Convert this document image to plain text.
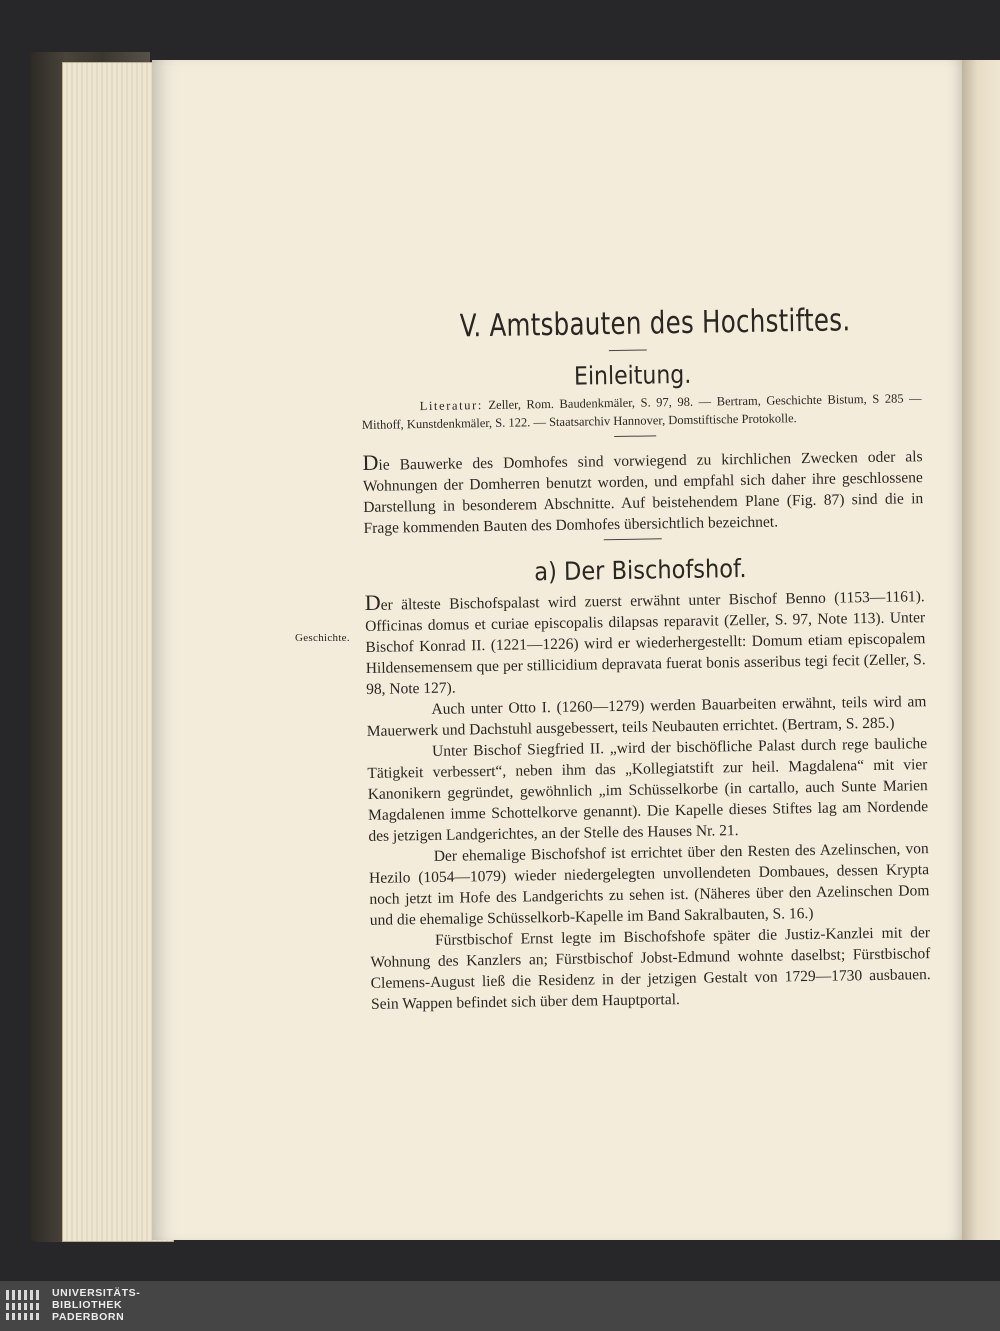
Geschichte.
V. Amtsbauten des Hochstiftes.
Einleitung.
Literatur: Zeller, Rom. Baudenkmäler, S. 97, 98. — Bertram, Geschichte Bistum, S 285 — Mithoff, Kunstdenkmäler, S. 122. — Staatsarchiv Hannover, Domstiftische Protokolle.

Die Bauwerke des Domhofes sind vorwiegend zu kirchlichen Zwecken oder als Wohnungen der Domherren benutzt worden, und empfahl sich daher ihre geschlossene Darstellung in besonderem Abschnitte. Auf beistehendem Plane (Fig. 87) sind die in Frage kommenden Bauten des Domhofes übersichtlich bezeichnet.

a) Der Bischofshof.

Der älteste Bischofspalast wird zuerst erwähnt unter Bischof Benno (1153—1161). Officinas domus et curiae episcopalis dilapsas reparavit (Zeller, S. 97, Note 113). Unter Bischof Konrad II. (1221—1226) wird er wiederhergestellt: Domum etiam episcopalem Hildensemensem que per stillicidium depravata fuerat bonis asseribus tegi fecit (Zeller, S. 98, Note 127).

Auch unter Otto I. (1260—1279) werden Bauarbeiten erwähnt, teils wird am Mauerwerk und Dachstuhl ausgebessert, teils Neubauten errichtet. (Bertram, S. 285.)

Unter Bischof Siegfried II. „wird der bischöfliche Palast durch rege bauliche Tätigkeit verbessert“, neben ihm das „Kollegiatstift zur heil. Magdalena“ mit vier Kanonikern gegründet, gewöhnlich „im Schüsselkorbe (in cartallo, auch Sunte Marien Magdalenen imme Schottelkorve genannt). Die Kapelle dieses Stiftes lag am Nordende des jetzigen Landgerichtes, an der Stelle des Hauses Nr. 21.

Der ehemalige Bischofshof ist errichtet über den Resten des Azelinschen, von Hezilo (1054—1079) wieder niedergelegten unvollendeten Dombaues, dessen Krypta noch jetzt im Hofe des Landgerichts zu sehen ist. (Näheres über den Azelinschen Dom und die ehemalige Schüsselkorb-Kapelle im Band Sakralbauten, S. 16.)

Fürstbischof Ernst legte im Bischofshofe später die Justiz-Kanzlei mit der Wohnung des Kanzlers an; Fürstbischof Jobst-Edmund wohnte daselbst; Fürstbischof Clemens-August ließ die Residenz in der jetzigen Gestalt von 1729—1730 ausbauen. Sein Wappen befindet sich über dem Hauptportal.

UNIVERSITÄTS-
BIBLIOTHEK
PADERBORN
